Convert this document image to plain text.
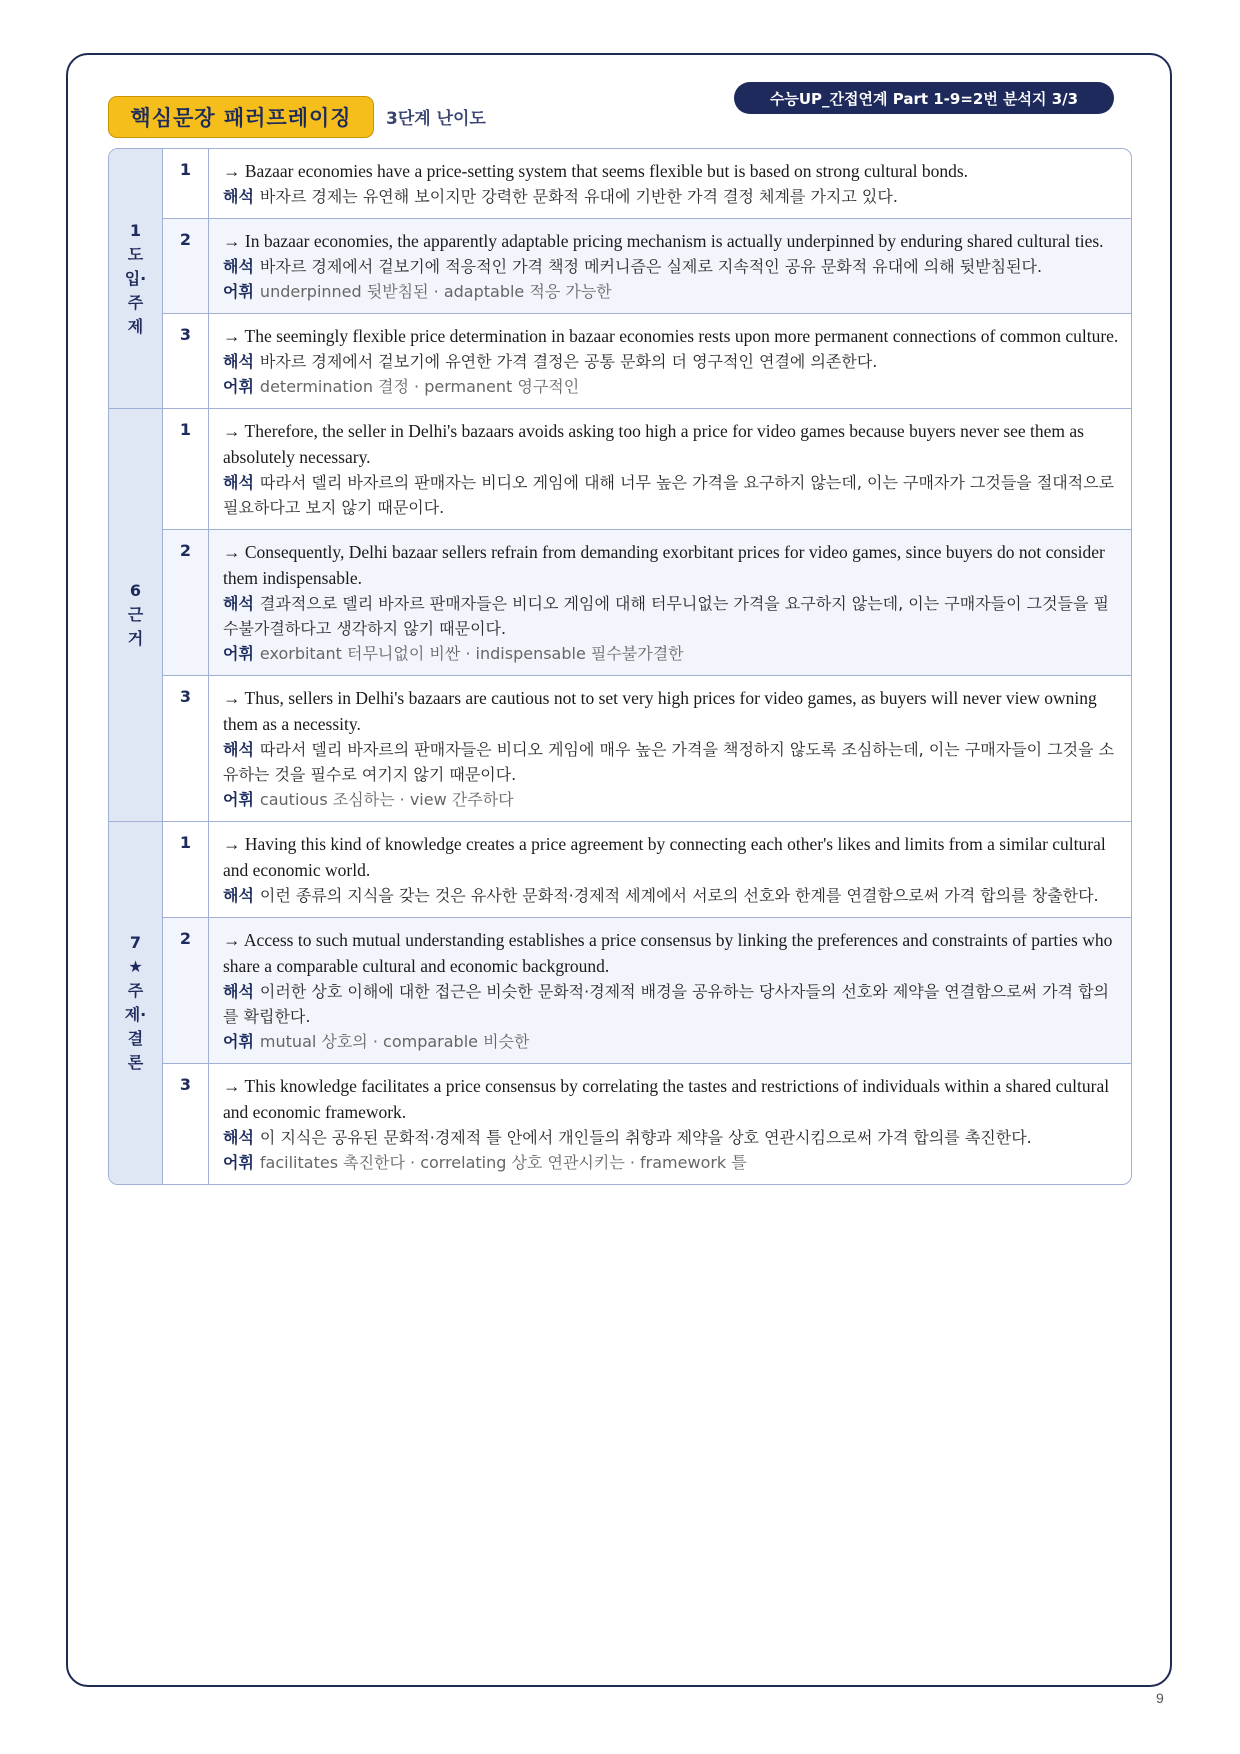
핵심문장 패러프레이징	3단계 난이도
수능UP_간접연계 Part 1-9=2번 분석지 3/3
1
도
입·
주
제
1	→ Bazaar economies have a price-setting system that seems flexible but is based on strong cultural bonds.
해석 바자르 경제는 유연해 보이지만 강력한 문화적 유대에 기반한 가격 결정 체계를 가지고 있다.
2	→ In bazaar economies, the apparently adaptable pricing mechanism is actually underpinned by enduring shared cultural ties.
해석 바자르 경제에서 겉보기에 적응적인 가격 책정 메커니즘은 실제로 지속적인 공유 문화적 유대에 의해 뒷받침된다.
어휘 underpinned 뒷받침된 · adaptable 적응 가능한
3	→ The seemingly flexible price determination in bazaar economies rests upon more permanent connections of common culture.
해석 바자르 경제에서 겉보기에 유연한 가격 결정은 공통 문화의 더 영구적인 연결에 의존한다.
어휘 determination 결정 · permanent 영구적인
6
근
거
1	→ Therefore, the seller in Delhi's bazaars avoids asking too high a price for video games because buyers never see them as absolutely necessary.
해석 따라서 델리 바자르의 판매자는 비디오 게임에 대해 너무 높은 가격을 요구하지 않는데, 이는 구매자가 그것들을 절대적으로 필요하다고 보지 않기 때문이다.
2	→ Consequently, Delhi bazaar sellers refrain from demanding exorbitant prices for video games, since buyers do not consider them indispensable.
해석 결과적으로 델리 바자르 판매자들은 비디오 게임에 대해 터무니없는 가격을 요구하지 않는데, 이는 구매자들이 그것들을 필수불가결하다고 생각하지 않기 때문이다.
어휘 exorbitant 터무니없이 비싼 · indispensable 필수불가결한
3	→ Thus, sellers in Delhi's bazaars are cautious not to set very high prices for video games, as buyers will never view owning them as a necessity.
해석 따라서 델리 바자르의 판매자들은 비디오 게임에 매우 높은 가격을 책정하지 않도록 조심하는데, 이는 구매자들이 그것을 소유하는 것을 필수로 여기지 않기 때문이다.
어휘 cautious 조심하는 · view 간주하다
7
★
주
제·
결
론
1	→ Having this kind of knowledge creates a price agreement by connecting each other's likes and limits from a similar cultural and economic world.
해석 이런 종류의 지식을 갖는 것은 유사한 문화적·경제적 세계에서 서로의 선호와 한계를 연결함으로써 가격 합의를 창출한다.
2	→ Access to such mutual understanding establishes a price consensus by linking the preferences and constraints of parties who share a comparable cultural and economic background.
해석 이러한 상호 이해에 대한 접근은 비슷한 문화적·경제적 배경을 공유하는 당사자들의 선호와 제약을 연결함으로써 가격 합의를 확립한다.
어휘 mutual 상호의 · comparable 비슷한
3	→ This knowledge facilitates a price consensus by correlating the tastes and restrictions of individuals within a shared cultural and economic framework.
해석 이 지식은 공유된 문화적·경제적 틀 안에서 개인들의 취향과 제약을 상호 연관시킴으로써 가격 합의를 촉진한다.
어휘 facilitates 촉진한다 · correlating 상호 연관시키는 · framework 틀
9
